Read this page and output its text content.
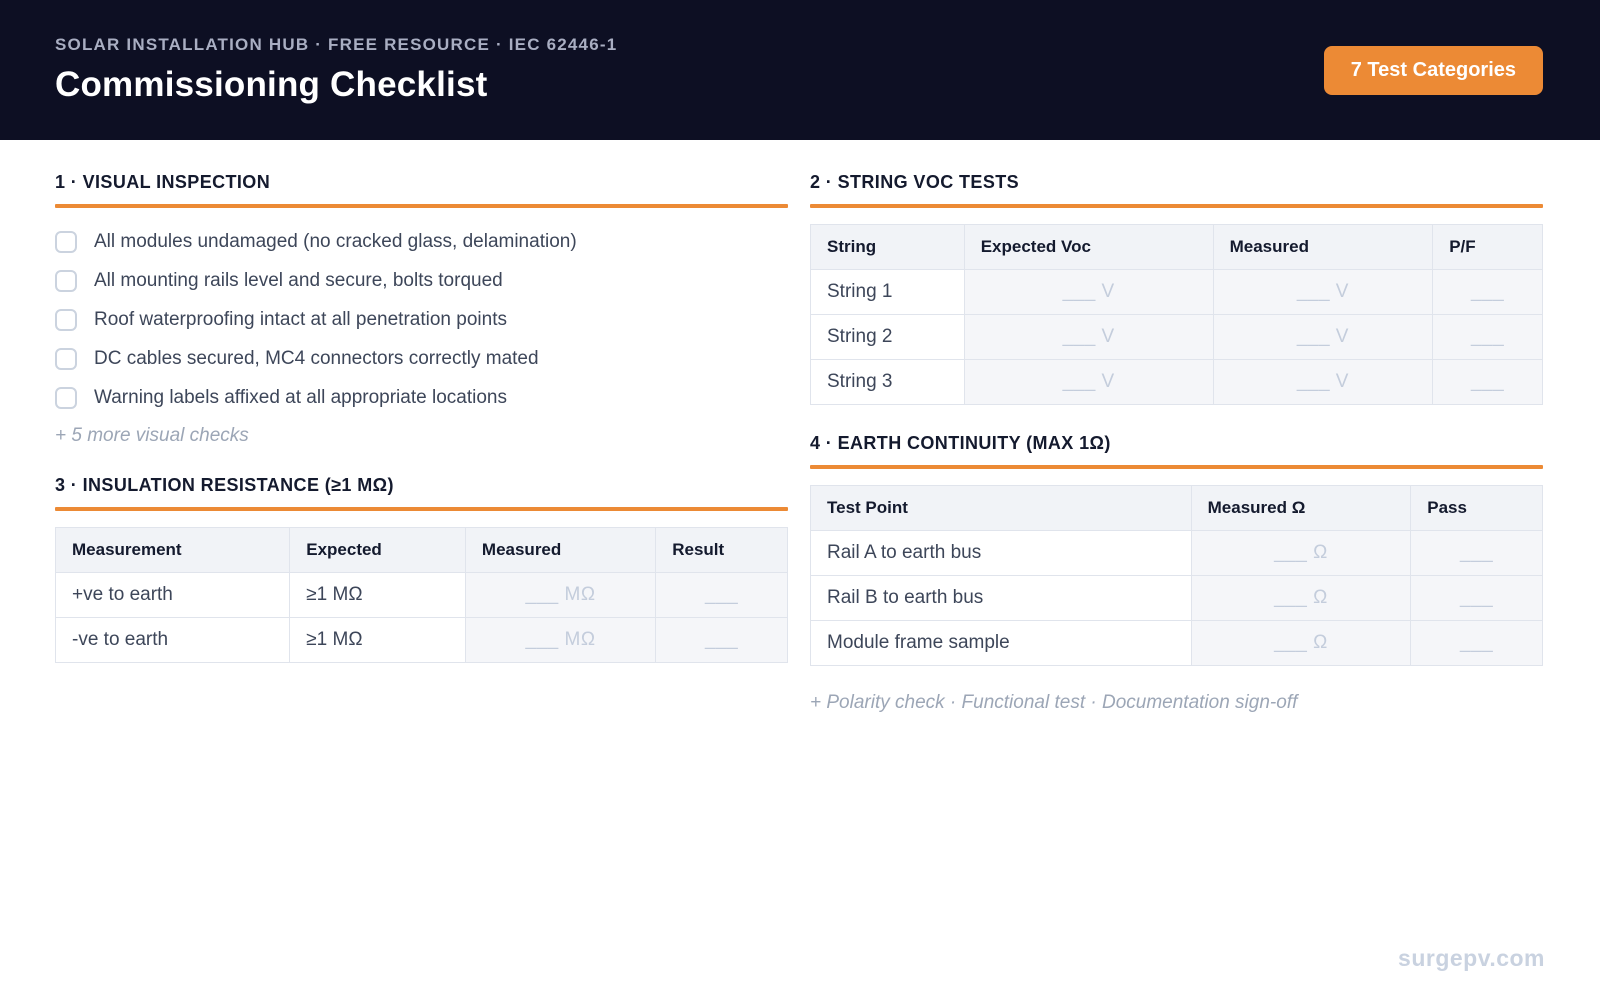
SOLAR INSTALLATION HUB · FREE RESOURCE · IEC 62446-1
Commissioning Checklist	7 Test Categories
1 · VISUAL INSPECTION
All modules undamaged (no cracked glass, delamination)
All mounting rails level and secure, bolts torqued
Roof waterproofing intact at all penetration points
DC cables secured, MC4 connectors correctly mated
Warning labels affixed at all appropriate locations
+ 5 more visual checks
3 · INSULATION RESISTANCE (≥1 MΩ)
Measurement	Expected	Measured	Result
+ve to earth	≥1 MΩ	___ MΩ	___
-ve to earth	≥1 MΩ	___ MΩ	___
2 · STRING VOC TESTS
String	Expected Voc	Measured	P/F
String 1	___ V	___ V	___
String 2	___ V	___ V	___
String 3	___ V	___ V	___
4 · EARTH CONTINUITY (MAX 1Ω)
Test Point	Measured Ω	Pass
Rail A to earth bus	___ Ω	___
Rail B to earth bus	___ Ω	___
Module frame sample	___ Ω	___
+ Polarity check · Functional test · Documentation sign-off
surgepv.com
